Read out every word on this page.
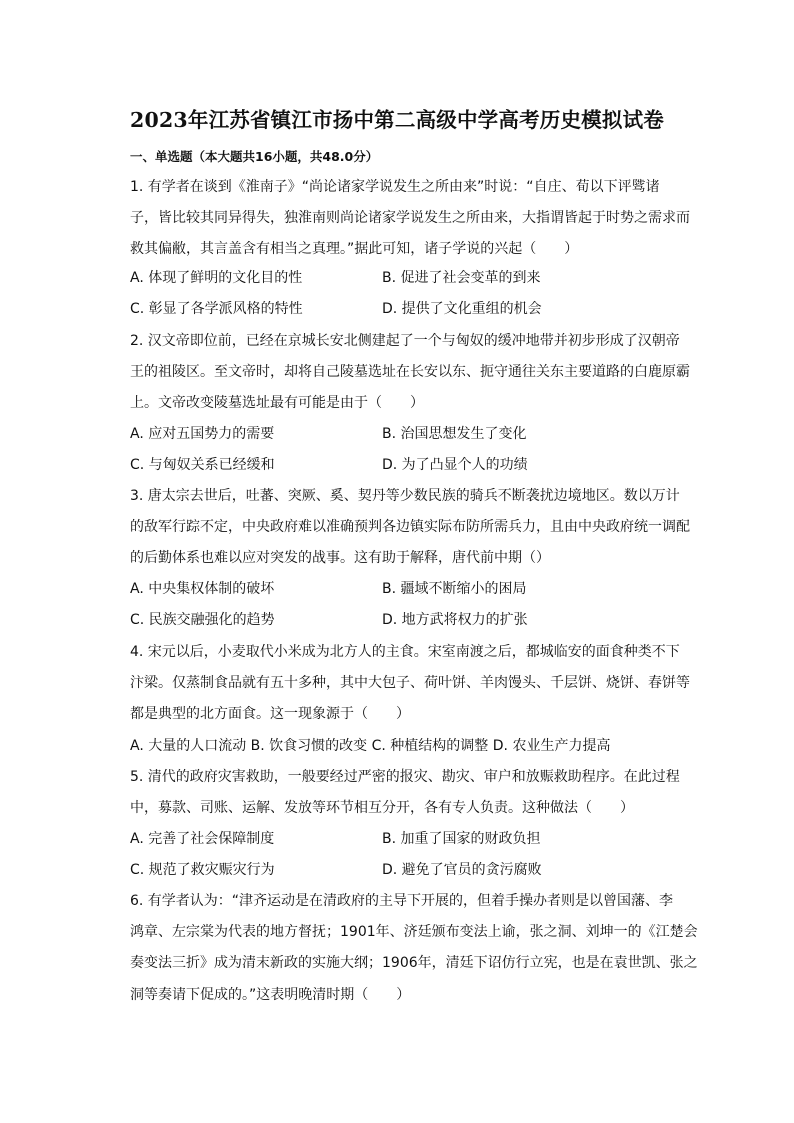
2023年江苏省镇江市扬中第二高级中学高考历史模拟试卷
一、单选题（本大题共16小题，共48.0分）
1. 有学者在谈到《淮南子》“尚论诸家学说发生之所由来”时说：“自庄、荀以下评骘诸
子，皆比较其同异得失，独淮南则尚论诸家学说发生之所由来，大指谓皆起于时势之需求而
救其偏敝，其言盖含有相当之真理。”据此可知，诸子学说的兴起（　　）
A. 体现了鲜明的文化目的性	B. 促进了社会变革的到来
C. 彰显了各学派风格的特性	D. 提供了文化重组的机会
2. 汉文帝即位前，已经在京城长安北侧建起了一个与匈奴的缓冲地带并初步形成了汉朝帝
王的祖陵区。至文帝时，却将自己陵墓选址在长安以东、扼守通往关东主要道路的白鹿原霸
上。文帝改变陵墓选址最有可能是由于（　　）
A. 应对五国势力的需要	B. 治国思想发生了变化
C. 与匈奴关系已经缓和	D. 为了凸显个人的功绩
3. 唐太宗去世后，吐蕃、突厥、奚、契丹等少数民族的骑兵不断袭扰边境地区。数以万计
的敌军行踪不定，中央政府难以准确预判各边镇实际布防所需兵力，且由中央政府统一调配
的后勤体系也难以应对突发的战事。这有助于解释，唐代前中期（）
A. 中央集权体制的破坏	B. 疆域不断缩小的困局
C. 民族交融强化的趋势	D. 地方武将权力的扩张
4. 宋元以后，小麦取代小米成为北方人的主食。宋室南渡之后，都城临安的面食种类不下
汴梁。仅蒸制食品就有五十多种，其中大包子、荷叶饼、羊肉馒头、千层饼、烧饼、春饼等
都是典型的北方面食。这一现象源于（　　）
A. 大量的人口流动 B. 饮食习惯的改变 C. 种植结构的调整 D. 农业生产力提高
5. 清代的政府灾害救助，一般要经过严密的报灾、勘灾、审户和放赈救助程序。在此过程
中，募款、司账、运解、发放等环节相互分开，各有专人负责。这种做法（　　）
A. 完善了社会保障制度	B. 加重了国家的财政负担
C. 规范了救灾赈灾行为	D. 避免了官员的贪污腐败
6. 有学者认为：“津齐运动是在清政府的主导下开展的，但着手操办者则是以曾国藩、李
鸿章、左宗棠为代表的地方督抚；1901年、济廷颁布变法上谕，张之洞、刘坤一的《江楚会
奏变法三折》成为清末新政的实施大纲；1906年，清廷下诏仿行立宪，也是在袁世凯、张之
洞等奏请下促成的。”这表明晚清时期（　　）
